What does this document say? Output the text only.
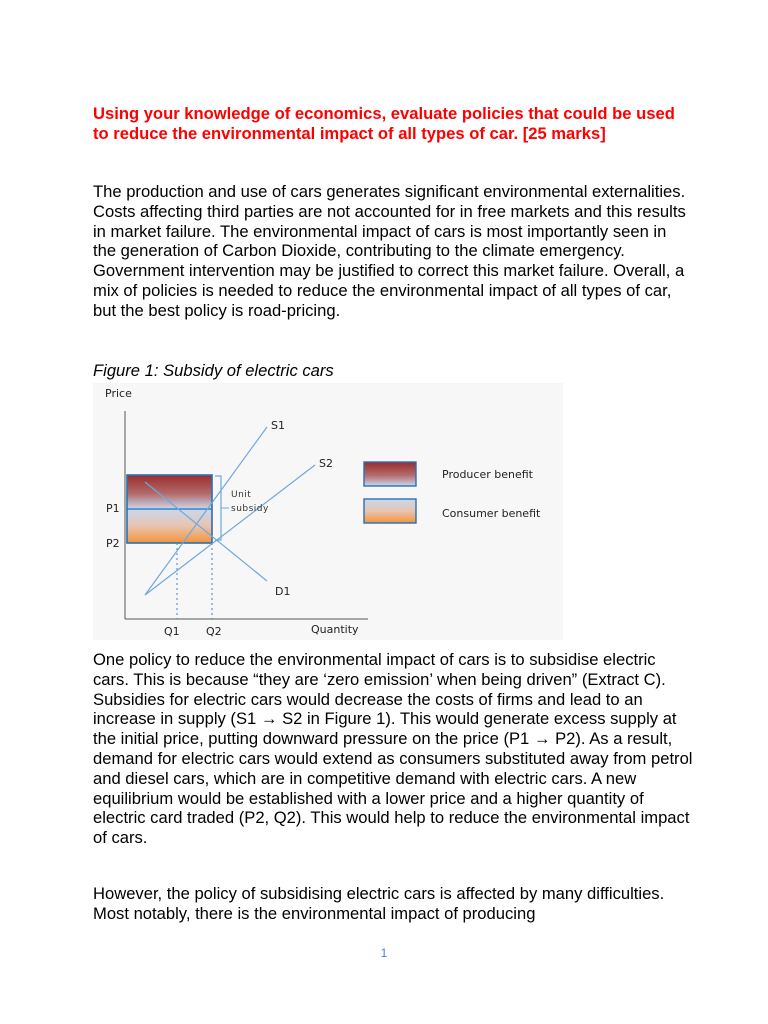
Using your knowledge of economics, evaluate policies that could be used to reduce the environmental impact of all types of car. [25 marks]

The production and use of cars generates significant environmental externalities. Costs affecting third parties are not accounted for in free markets and this results in market failure. The environmental impact of cars is most importantly seen in the generation of Carbon Dioxide, contributing to the climate emergency. Government intervention may be justified to correct this market failure. Overall, a mix of policies is needed to reduce the environmental impact of all types of car, but the best policy is road-pricing.

Figure 1: Subsidy of electric cars

Price
Quantity
S1
S2
D1
P1
P2
Q1 Q2
Unit
subsidy
Producer benefit
Consumer benefit

One policy to reduce the environmental impact of cars is to subsidise electric cars. This is because “they are ‘zero emission’ when being driven” (Extract C). Subsidies for electric cars would decrease the costs of firms and lead to an increase in supply (S1 → S2 in Figure 1). This would generate excess supply at the initial price, putting downward pressure on the price (P1 → P2). As a result, demand for electric cars would extend as consumers substituted away from petrol and diesel cars, which are in competitive demand with electric cars. A new equilibrium would be established with a lower price and a higher quantity of electric card traded (P2, Q2). This would help to reduce the environmental impact of cars.

However, the policy of subsidising electric cars is affected by many difficulties. Most notably, there is the environmental impact of producing

1
